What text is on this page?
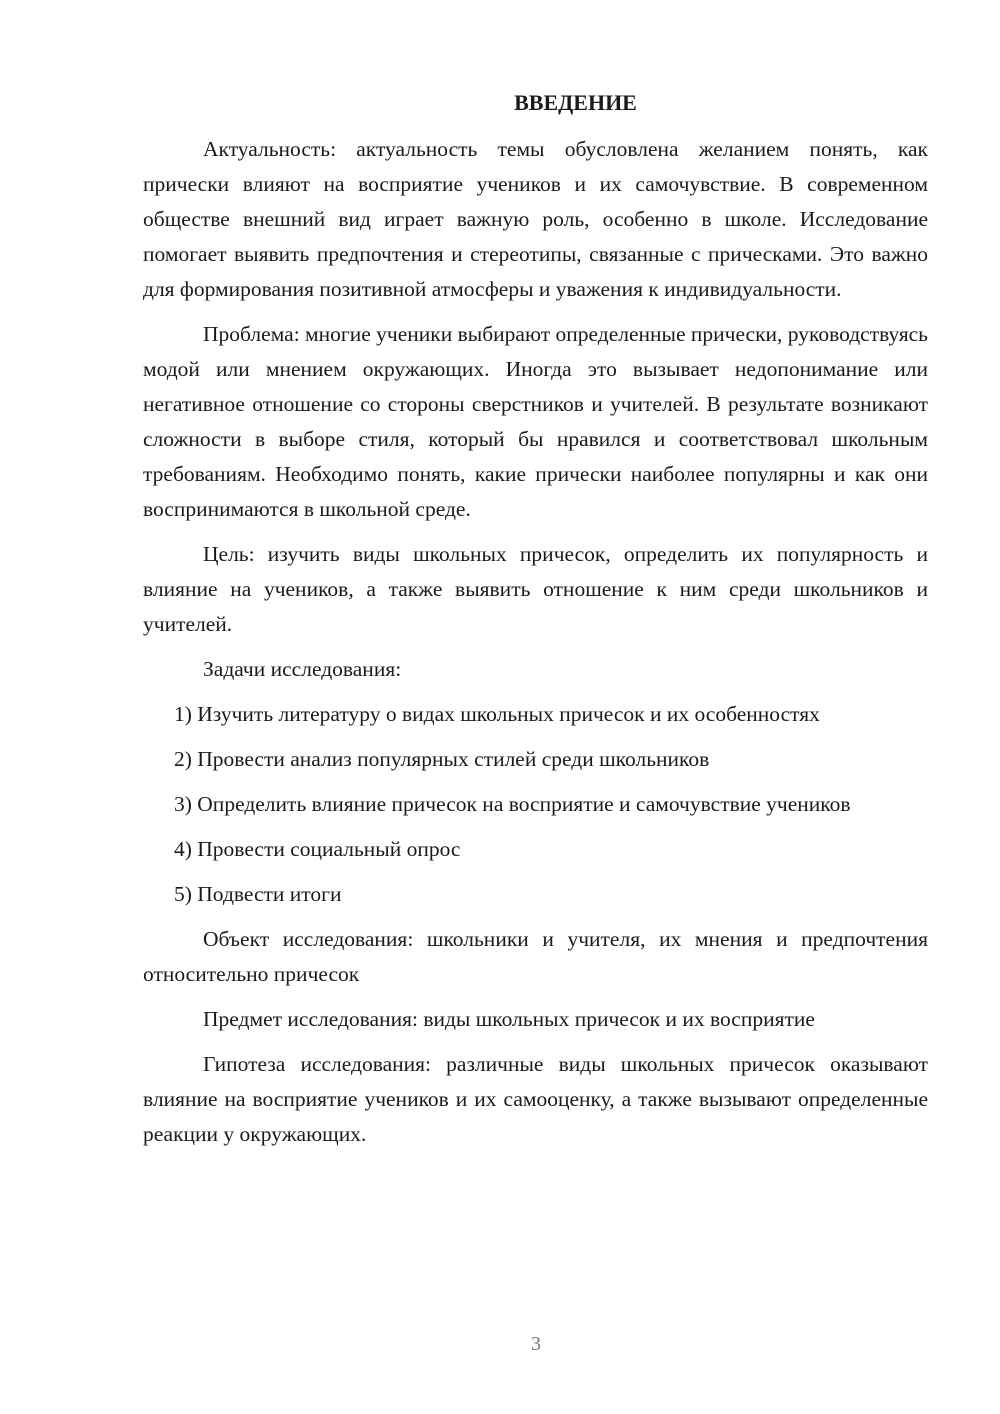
ВВЕДЕНИЕ

Актуальность: актуальность темы обусловлена желанием понять, как прически влияют на восприятие учеников и их самочувствие. В современном обществе внешний вид играет важную роль, особенно в школе. Исследование помогает выявить предпочтения и стереотипы, связанные с прическами. Это важно для формирования позитивной атмосферы и уважения к индивидуальности.

Проблема: многие ученики выбирают определенные прически, руководствуясь модой или мнением окружающих. Иногда это вызывает недопонимание или негативное отношение со стороны сверстников и учителей. В результате возникают сложности в выборе стиля, который бы нравился и соответствовал школьным требованиям. Необходимо понять, какие прически наиболее популярны и как они воспринимаются в школьной среде.

Цель: изучить виды школьных причесок, определить их популярность и влияние на учеников, а также выявить отношение к ним среди школьников и учителей.

Задачи исследования:

1) Изучить литературу о видах школьных причесок и их особенностях

2) Провести анализ популярных стилей среди школьников

3) Определить влияние причесок на восприятие и самочувствие учеников

4) Провести социальный опрос

5) Подвести итоги

Объект исследования: школьники и учителя, их мнения и предпочтения относительно причесок

Предмет исследования: виды школьных причесок и их восприятие

Гипотеза исследования: различные виды школьных причесок оказывают влияние на восприятие учеников и их самооценку, а также вызывают определенные реакции у окружающих.

3
